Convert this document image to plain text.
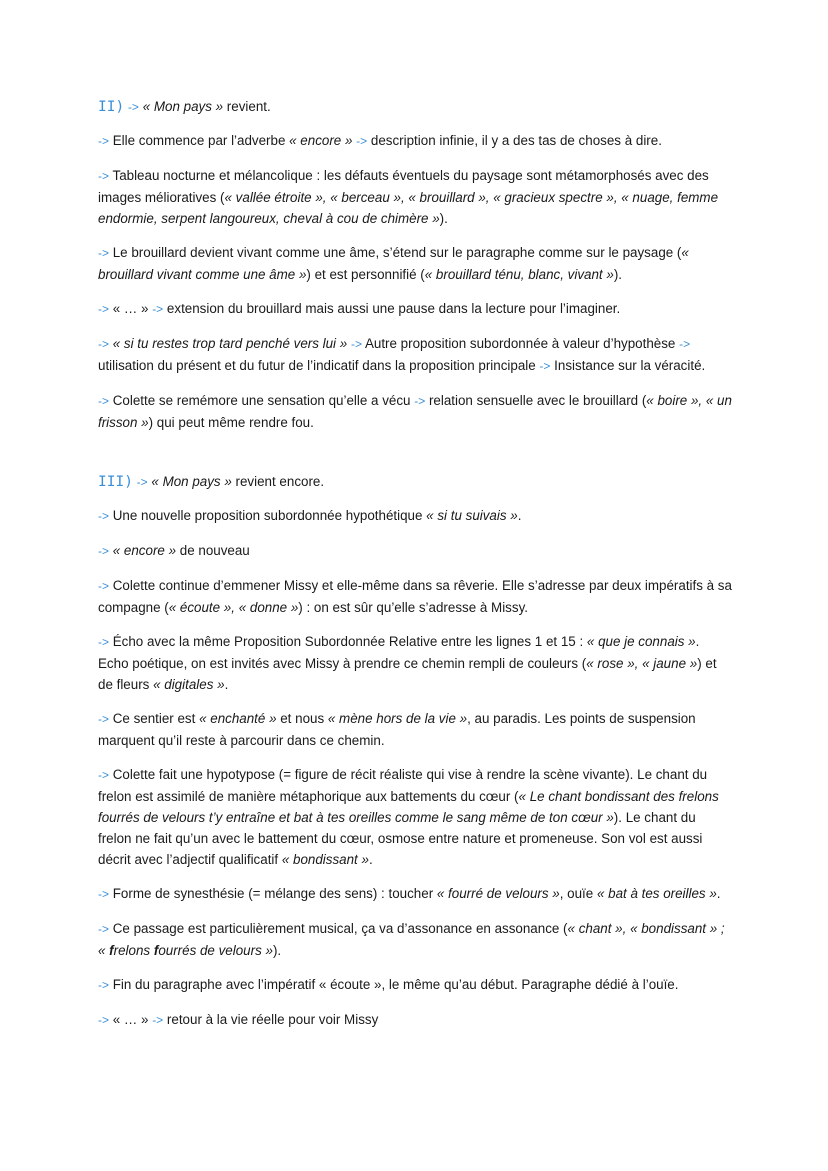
II) -> « Mon pays » revient.

-> Elle commence par l’adverbe « encore » -> description infinie, il y a des tas de choses à dire.

-> Tableau nocturne et mélancolique : les défauts éventuels du paysage sont métamorphosés avec des images mélioratives (« vallée étroite », « berceau », « brouillard », « gracieux spectre », « nuage, femme endormie, serpent langoureux, cheval à cou de chimère »).

-> Le brouillard devient vivant comme une âme, s’étend sur le paragraphe comme sur le paysage (« brouillard vivant comme une âme ») et est personnifié (« brouillard ténu, blanc, vivant »).

-> « … » -> extension du brouillard mais aussi une pause dans la lecture pour l’imaginer.

-> « si tu restes trop tard penché vers lui » -> Autre proposition subordonnée à valeur d’hypothèse -> utilisation du présent et du futur de l’indicatif dans la proposition principale -> Insistance sur la véracité.

-> Colette se remémore une sensation qu’elle a vécu -> relation sensuelle avec le brouillard (« boire », « un frisson ») qui peut même rendre fou.

III) -> « Mon pays » revient encore.

-> Une nouvelle proposition subordonnée hypothétique « si tu suivais ».

-> « encore » de nouveau

-> Colette continue d’emmener Missy et elle-même dans sa rêverie. Elle s’adresse par deux impératifs à sa compagne (« écoute », « donne ») : on est sûr qu’elle s’adresse à Missy.

-> Écho avec la même Proposition Subordonnée Relative entre les lignes 1 et 15 : « que je connais ». Echo poétique, on est invités avec Missy à prendre ce chemin rempli de couleurs (« rose », « jaune ») et de fleurs « digitales ».

-> Ce sentier est « enchanté » et nous « mène hors de la vie », au paradis. Les points de suspension marquent qu’il reste à parcourir dans ce chemin.

-> Colette fait une hypotypose (= figure de récit réaliste qui vise à rendre la scène vivante). Le chant du frelon est assimilé de manière métaphorique aux battements du cœur (« Le chant bondissant des frelons fourrés de velours t’y entraîne et bat à tes oreilles comme le sang même de ton cœur »). Le chant du frelon ne fait qu’un avec le battement du cœur, osmose entre nature et promeneuse. Son vol est aussi décrit avec l’adjectif qualificatif « bondissant ».

-> Forme de synesthésie (= mélange des sens) : toucher « fourré de velours », ouïe « bat à tes oreilles ».

-> Ce passage est particulièrement musical, ça va d’assonance en assonance (« chant », « bondissant » ; « frelons fourrés de velours »).

-> Fin du paragraphe avec l’impératif « écoute », le même qu’au début. Paragraphe dédié à l’ouïe.

-> « … » -> retour à la vie réelle pour voir Missy
